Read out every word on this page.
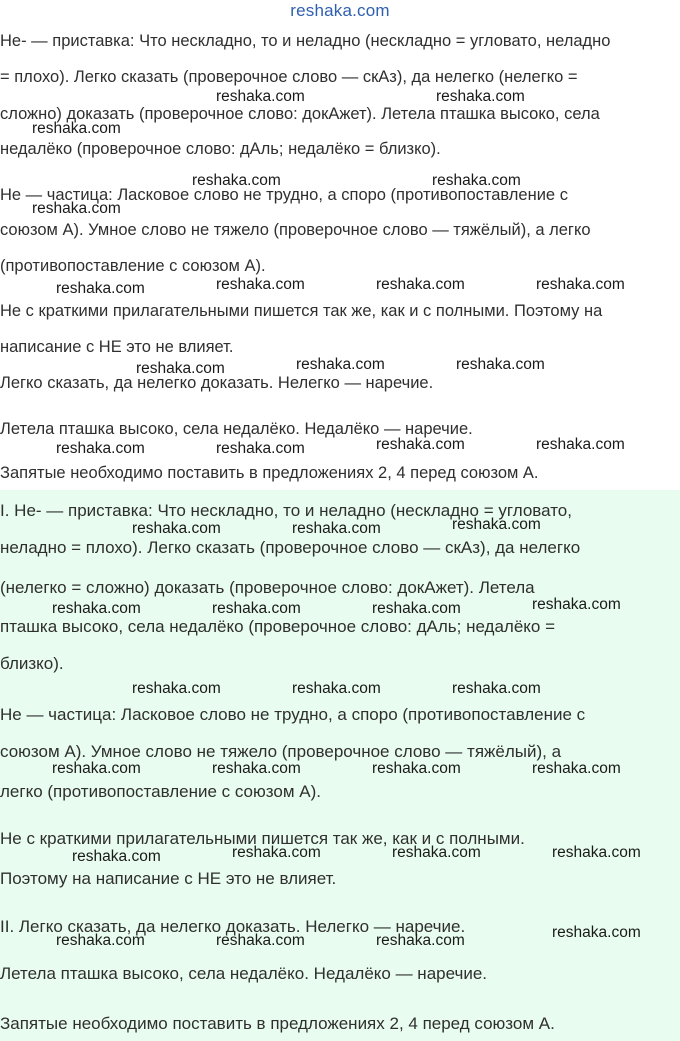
reshaka.com
Не- — приставка: Что нескладно, то и неладно (нескладно = угловато, неладно
= плохо). Легко сказать (проверочное слово — скАз), да нелегко (нелегко =
сложно) доказать (проверочное слово: докАжет). Летела пташка высоко, села
недалёко (проверочное слово: дАль; недалёко = близко).
Не — частица: Ласковое слово не трудно, а споро (противопоставление с
союзом А). Умное слово не тяжело (проверочное слово — тяжёлый), а легко
(противопоставление с союзом А).
Не с краткими прилагательными пишется так же, как и с полными. Поэтому на
написание с НЕ это не влияет.
Легко сказать, да нелегко доказать. Нелегко — наречие.
Летела пташка высоко, села недалёко. Недалёко — наречие.
Запятые необходимо поставить в предложениях 2, 4 перед союзом А.
I. Не- — приставка: Что нескладно, то и неладно (нескладно = угловато,
неладно = плохо). Легко сказать (проверочное слово — скАз), да нелегко
(нелегко = сложно) доказать (проверочное слово: докАжет). Летела
пташка высоко, села недалёко (проверочное слово: дАль; недалёко =
близко).
Не — частица: Ласковое слово не трудно, а споро (противопоставление с
союзом А). Умное слово не тяжело (проверочное слово — тяжёлый), а
легко (противопоставление с союзом А).
Не с краткими прилагательными пишется так же, как и с полными.
Поэтому на написание с НЕ это не влияет.
II. Легко сказать, да нелегко доказать. Нелегко — наречие.
Летела пташка высоко, села недалёко. Недалёко — наречие.
Запятые необходимо поставить в предложениях 2, 4 перед союзом А.
reshaka.com	reshaka.com
reshaka.com
reshaka.com	reshaka.com
reshaka.com
reshaka.com	reshaka.com	reshaka.com
reshaka.com
reshaka.com	reshaka.com
reshaka.com
reshaka.com	reshaka.com
reshaka.com	reshaka.com
reshaka.com
reshaka.com	reshaka.com
reshaka.com
reshaka.com	reshaka.com	reshaka.com
reshaka.com	reshaka.com	reshaka.com
reshaka.com	reshaka.com	reshaka.com	reshaka.com
reshaka.com	reshaka.com	reshaka.com
reshaka.com
reshaka.com
reshaka.com	reshaka.com	reshaka.com
